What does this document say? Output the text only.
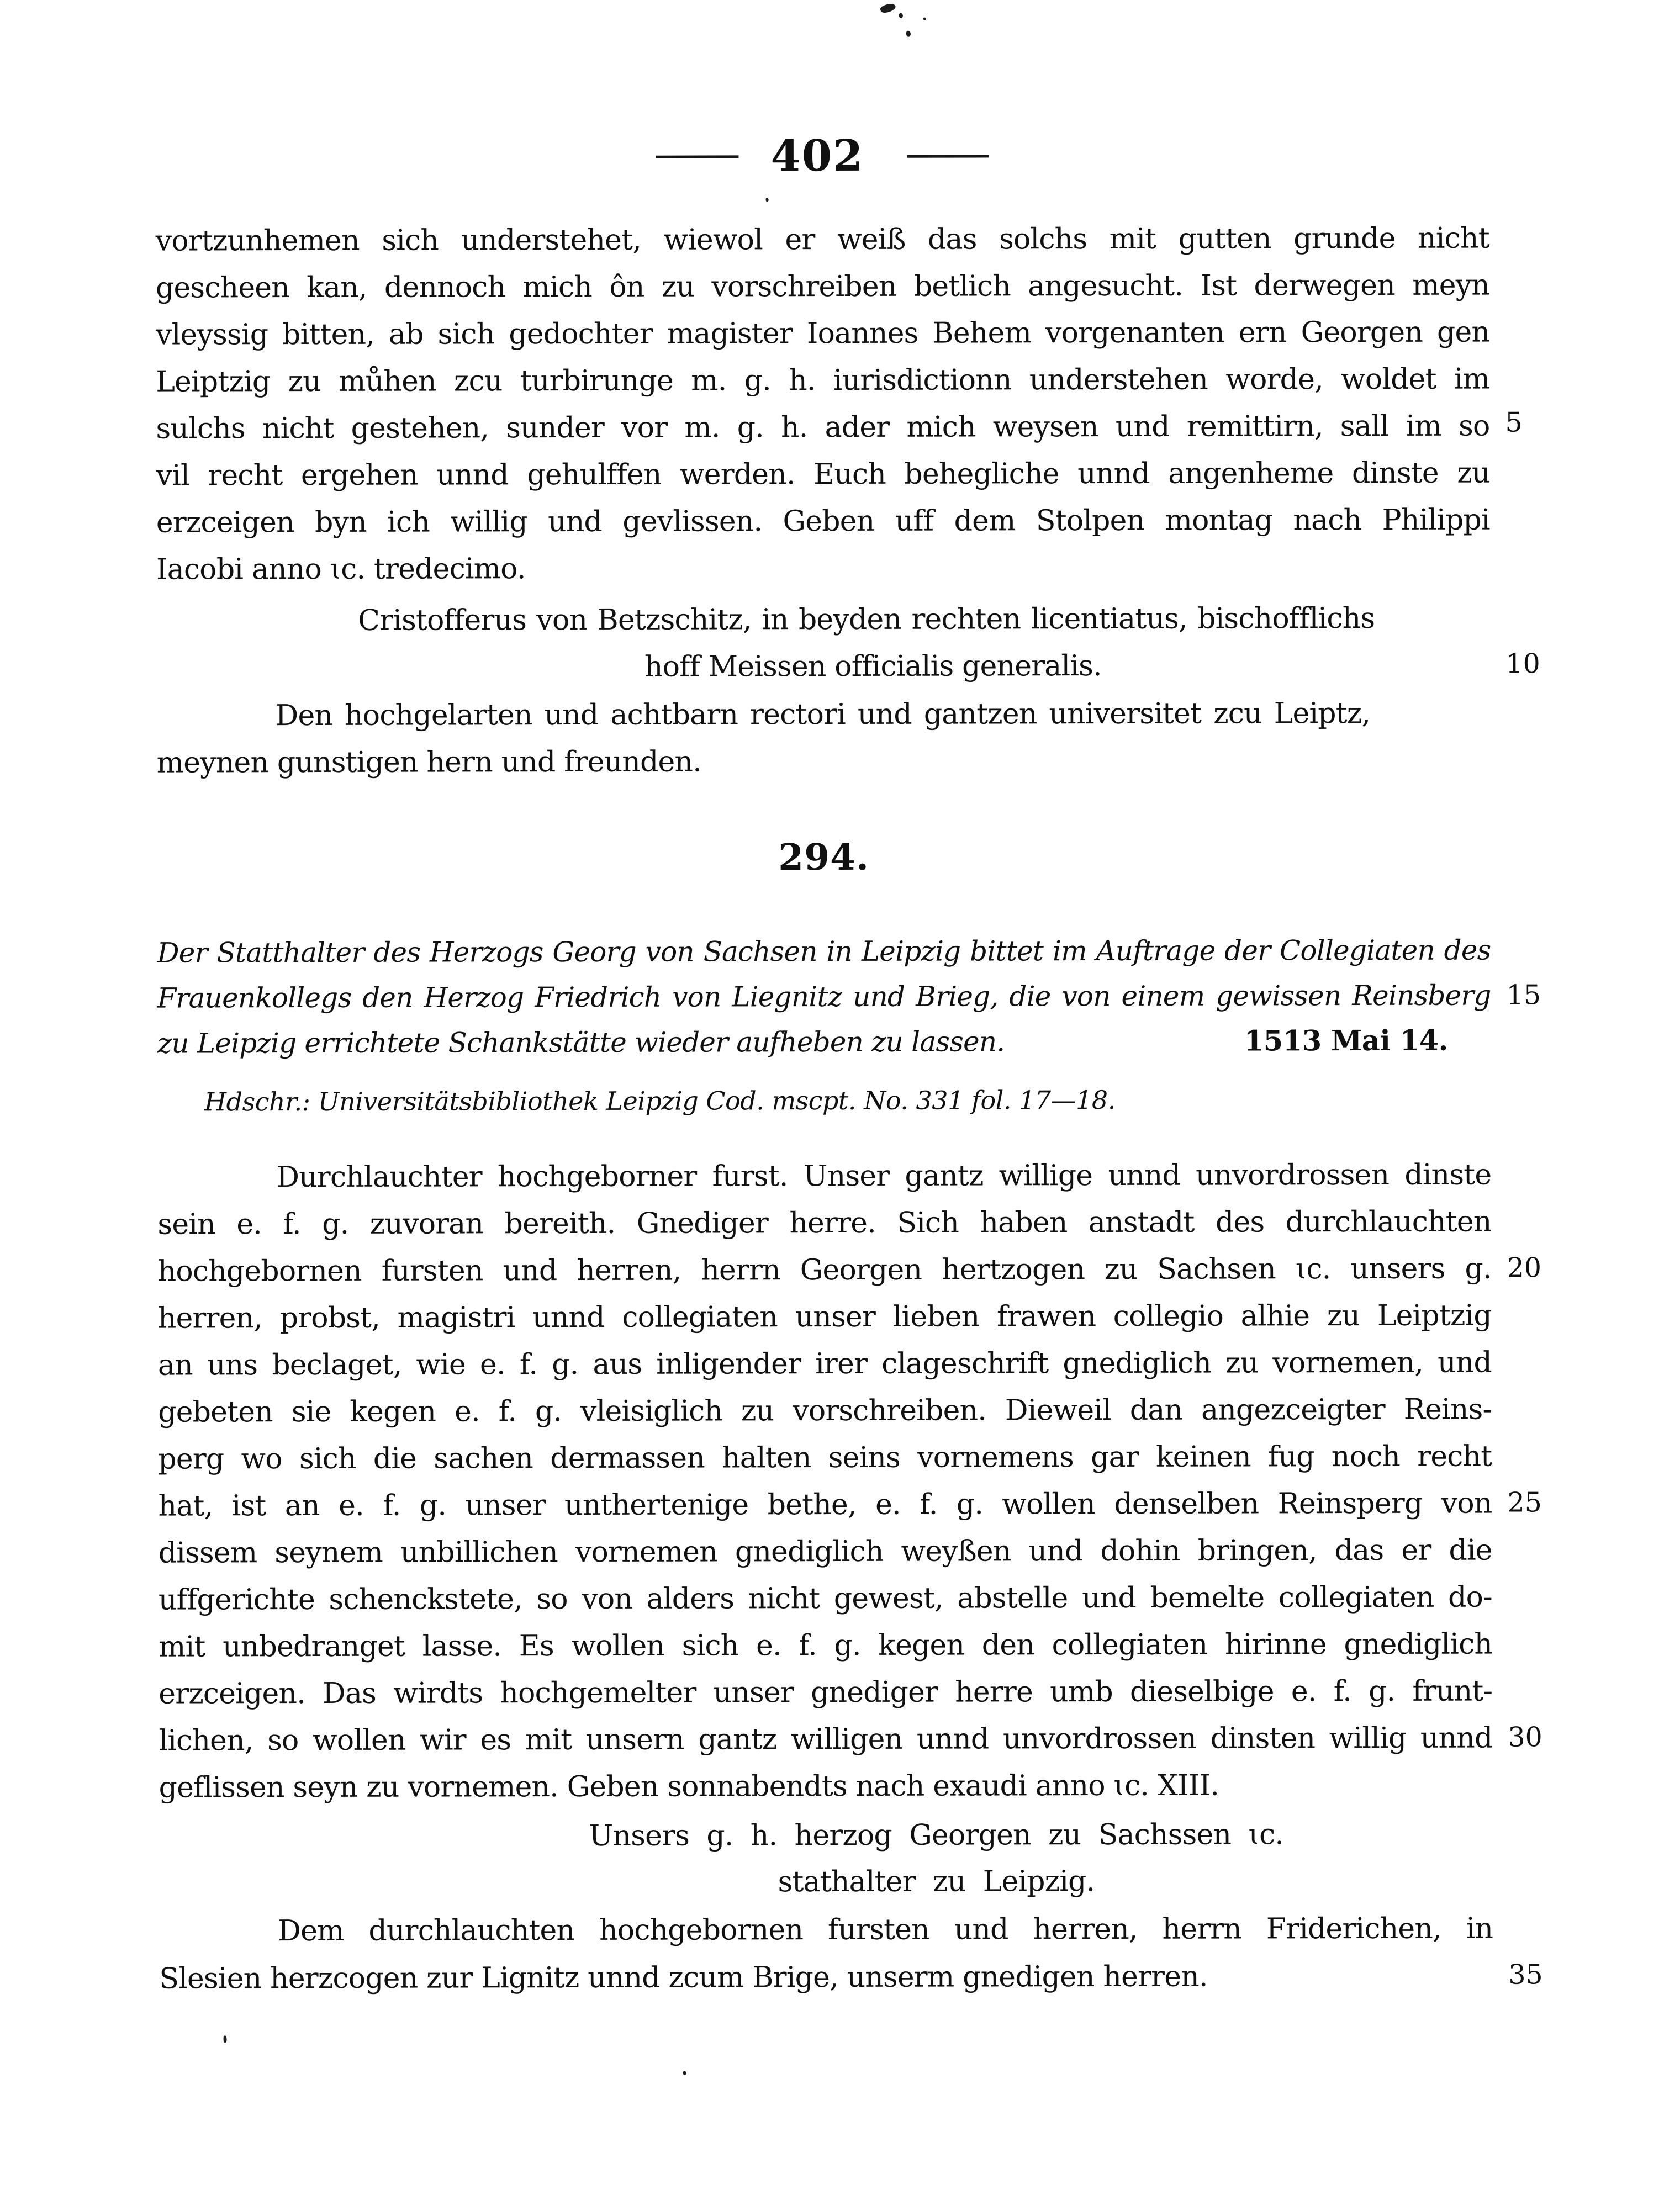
402
vortzunhemen sich understehet, wiewol er weiß das solchs mit gutten grunde nicht
gescheen kan, dennoch mich ôn zu vorschreiben betlich angesucht. Ist derwegen meyn
vleyssig bitten, ab sich gedochter magister Ioannes Behem vorgenanten ern Georgen gen
Leiptzig zu můhen zcu turbirunge m. g. h. iurisdictionn understehen worde, woldet im
sulchs nicht gestehen, sunder vor m. g. h. ader mich weysen und remittirn, sall im so
vil recht ergehen unnd gehulffen werden. Euch behegliche unnd angenheme dinste zu
erzceigen byn ich willig und gevlissen. Geben uff dem Stolpen montag nach Philippi
Iacobi anno ɩc. tredecimo.
Cristofferus von Betzschitz, in beyden rechten licentiatus, bischofflichs
hoff Meissen officialis generalis.
Den hochgelarten und achtbarn rectori und gantzen universitet zcu Leiptz,
meynen gunstigen hern und freunden.
294.
Der Statthalter des Herzogs Georg von Sachsen in Leipzig bittet im Auftrage der Collegiaten des
Frauenkollegs den Herzog Friedrich von Liegnitz und Brieg, die von einem gewissen Reinsberg
zu Leipzig errichtete Schankstätte wieder aufheben zu lassen.	1513 Mai 14.
Hdschr.: Universitätsbibliothek Leipzig Cod. mscpt. No. 331 fol. 17—18.
Durchlauchter hochgeborner furst. Unser gantz willige unnd unvordrossen dinste
sein e. f. g. zuvoran bereith. Gnediger herre. Sich haben anstadt des durchlauchten
hochgebornen fursten und herren, herrn Georgen hertzogen zu Sachsen ɩc. unsers g.
herren, probst, magistri unnd collegiaten unser lieben frawen collegio alhie zu Leiptzig
an uns beclaget, wie e. f. g. aus inligender irer clageschrift gnediglich zu vornemen, und
gebeten sie kegen e. f. g. vleisiglich zu vorschreiben. Dieweil dan angezceigter Reins-
perg wo sich die sachen dermassen halten seins vornemens gar keinen fug noch recht
hat, ist an e. f. g. unser unthertenige bethe, e. f. g. wollen denselben Reinsperg von
dissem seynem unbillichen vornemen gnediglich weyßen und dohin bringen, das er die
uffgerichte schenckstete, so von alders nicht gewest, abstelle und bemelte collegiaten do-
mit unbedranget lasse. Es wollen sich e. f. g. kegen den collegiaten hirinne gnediglich
erzceigen. Das wirdts hochgemelter unser gnediger herre umb dieselbige e. f. g. frunt-
lichen, so wollen wir es mit unsern gantz willigen unnd unvordrossen dinsten willig unnd
geflissen seyn zu vornemen. Geben sonnabendts nach exaudi anno ɩc. XIII.
Unsers g. h. herzog Georgen zu Sachssen ɩc.
stathalter zu Leipzig.
Dem durchlauchten hochgebornen fursten und herren, herrn Friderichen, in
Slesien herzcogen zur Lignitz unnd zcum Brige, unserm gnedigen herren.
5
10
15
20
25
30
35
